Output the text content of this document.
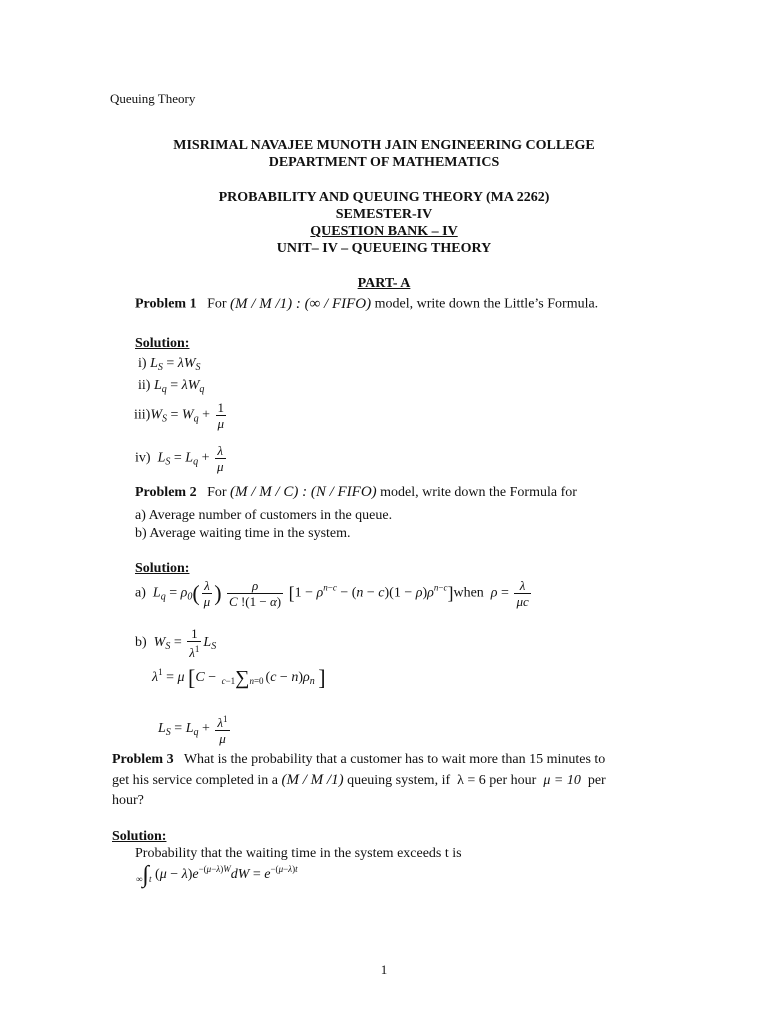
Queuing Theory
MISRIMAL NAVAJEE MUNOTH JAIN ENGINEERING COLLEGE
DEPARTMENT OF MATHEMATICS
PROBABILITY AND QUEUING THEORY (MA 2262)
SEMESTER-IV
QUESTION BANK – IV
UNIT– IV – QUEUEING THEORY
PART- A
Problem 1 For (M / M /1) : (∞ / FIFO) model, write down the Little’s Formula.
Solution:
i) $L_S = \lambda W_S$
ii) $L_q = \lambda W_q$
$iii)W_S = W_q + \frac{1}{\mu}$
iv) $L_S = L_q + \frac{\lambda}{\mu}$
Problem 2 For (M / M / C) : (N / FIFO) model, write down the Formula for
a) Average number of customers in the queue.
b) Average waiting time in the system.
Solution:
a)  $L_q = \rho_0( \frac{\lambda}{\mu}$ ) $\frac{\rho}{C !(1 - \alpha)} [1 - \rho^{n-c} - (n - c)(1$ − $\rho)\rho^{n-c}]when$ $\rho = \frac{\lambda}{\mu c}$
b)  $W_S = \frac{1}{\lambda^1} L_S$
$\lambda^1 = \mu$ [C − c−1∑n=0 $(c - n)\rho_n$ ]
$L_S = L_q + \frac{\lambda^1}{\mu}$
Problem 3 What is the probability that a customer has to wait more than 15 minutes to
get his service completed in a (M / M /1) queuing system, if λ = 6 per hour μ = 10 per
hour?
Solution:
Probability that the waiting time in the system exceeds t is
∞∫t $(\mu - \lambda)e^{-(\mu-\lambda)W}dW = e^{-(\mu-\lambda)t}$
1
